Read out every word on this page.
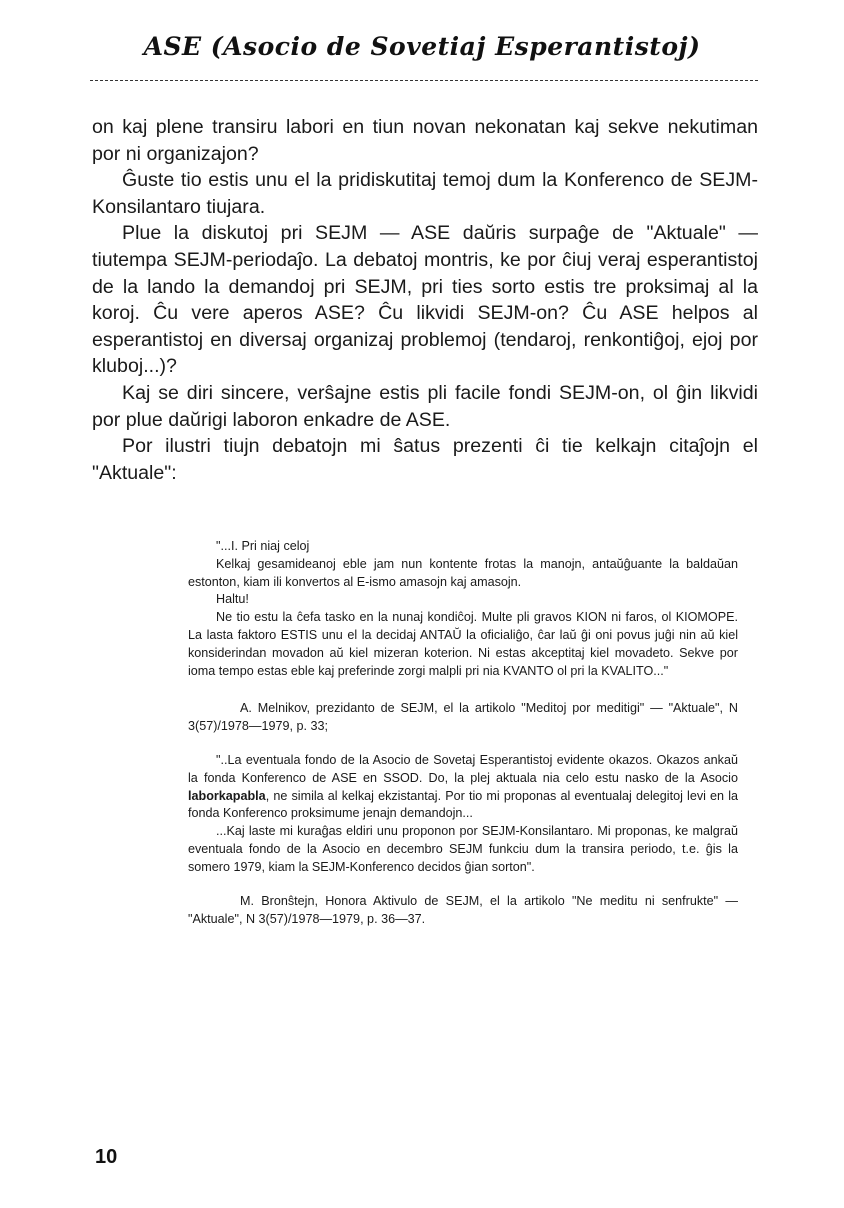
ASE (Asocio de Sovetiaj Esperantistoj)

on kaj plene transiru labori en tiun novan nekonatan kaj sekve nekutiman por ni organizajon?

Ĝuste tio estis unu el la pridiskutitaj temoj dum la Konferenco de SEJM-Konsilantaro tiujara.

Plue la diskutoj pri SEJM — ASE daŭris surpaĝe de "Aktuale" — tiutempa SEJM-periodaĵo. La debatoj montris, ke por ĉiuj veraj esperantistoj de la lando la demandoj pri SEJM, pri ties sorto estis tre proksimaj al la koroj. Ĉu vere aperos ASE? Ĉu likvidi SEJM-on? Ĉu ASE helpos al esperantistoj en diversaj organizaj problemoj (tendaroj, renkontiĝoj, ejoj por kluboj...)?

Kaj se diri sincere, verŝajne estis pli facile fondi SEJM-on, ol ĝin likvidi por plue daŭrigi laboron enkadre de ASE.

Por ilustri tiujn debatojn mi ŝatus prezenti ĉi tie kelkajn citaĵojn el "Aktuale":

"...I. Pri niaj celoj

Kelkaj gesamideanoj eble jam nun kontente frotas la manojn, antaŭĝuante la baldaŭan estonton, kiam ili konvertos al E-ismo amasojn kaj amasojn.

Haltu!

Ne tio estu la ĉefa tasko en la nunaj kondiĉoj. Multe pli gravos KION ni faros, ol KIOMOPE. La lasta faktoro ESTIS unu el la decidaj ANTAŬ la oficialiĝo, ĉar laŭ ĝi oni povus juĝi nin aŭ kiel konsiderindan movadon aŭ kiel mizeran koterion. Ni estas akceptitaj kiel movadeto. Sekve por ioma tempo estas eble kaj preferinde zorgi malpli pri nia KVANTO ol pri la KVALITO..."

A. Melnikov, prezidanto de SEJM, el la artikolo "Meditoj por meditigi" — "Aktuale", N 3(57)/1978—1979, p. 33;

"..La eventuala fondo de la Asocio de Sovetaj Esperantistoj evidente okazos. Okazos ankaŭ la fonda Konferenco de ASE en SSOD. Do, la plej aktuala nia celo estu nasko de la Asocio laborkapabla, ne simila al kelkaj ekzistantaj. Por tio mi proponas al eventualaj delegitoj levi en la fonda Konferenco proksimume jenajn demandojn...

...Kaj laste mi kuraĝas eldiri unu proponon por SEJM-Konsilantaro. Mi proponas, ke malgraŭ eventuala fondo de la Asocio en decembro SEJM funkciu dum la transira periodo, t.e. ĝis la somero 1979, kiam la SEJM-Konferenco decidos ĝian sorton".

M. Bronŝtejn, Honora Aktivulo de SEJM, el la artikolo "Ne meditu ni senfrukte" — "Aktuale", N 3(57)/1978—1979, p. 36—37.

10
